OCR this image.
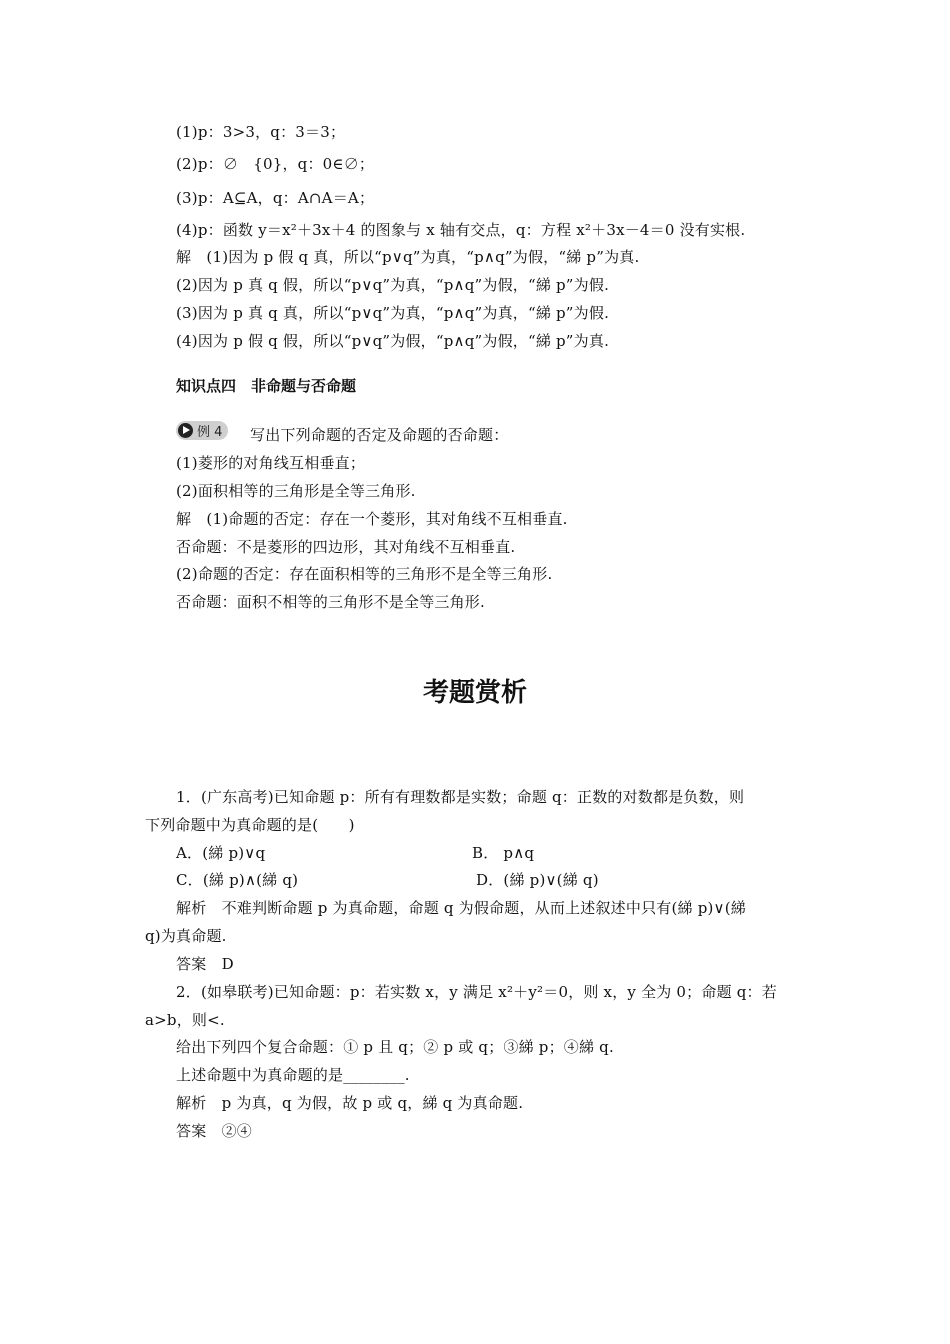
(1)p：3>3，q：3＝3；
(2)p：∅　{0}，q：0∈∅；
(3)p：A⊆A，q：A∩A＝A；
(4)p：函数 y＝x²＋3x＋4 的图象与 x 轴有交点，q：方程 x²＋3x－4＝0 没有实根.
解　(1)因为 p 假 q 真，所以“p∨q”为真，“p∧q”为假，“綈 p”为真.
(2)因为 p 真 q 假，所以“p∨q”为真，“p∧q”为假，“綈 p”为假.
(3)因为 p 真 q 真，所以“p∨q”为真，“p∧q”为真，“綈 p”为假.
(4)因为 p 假 q 假，所以“p∨q”为假，“p∧q”为假，“綈 p”为真.
知识点四　非命题与否命题
例 4 写出下列命题的否定及命题的否命题：
(1)菱形的对角线互相垂直；
(2)面积相等的三角形是全等三角形.
解　(1)命题的否定：存在一个菱形，其对角线不互相垂直.
否命题：不是菱形的四边形，其对角线不互相垂直.
(2)命题的否定：存在面积相等的三角形不是全等三角形.
否命题：面积不相等的三角形不是全等三角形.
考题赏析
1．(广东高考)已知命题 p：所有有理数都是实数；命题 q：正数的对数都是负数，则
下列命题中为真命题的是(　　)
A．(綈 p)∨q	B． p∧q
C．(綈 p)∧(綈 q)	D．(綈 p)∨(綈 q)
解析　不难判断命题 p 为真命题，命题 q 为假命题，从而上述叙述中只有(綈 p)∨(綈
q)为真命题.
答案　D
2．(如皋联考)已知命题：p：若实数 x，y 满足 x²＋y²＝0，则 x，y 全为 0；命题 q：若
a>b，则<.
给出下列四个复合命题：① p 且 q；② p 或 q；③綈 p；④綈 q.
上述命题中为真命题的是________.
解析　p 为真，q 为假，故 p 或 q，綈 q 为真命题.
答案　②④
